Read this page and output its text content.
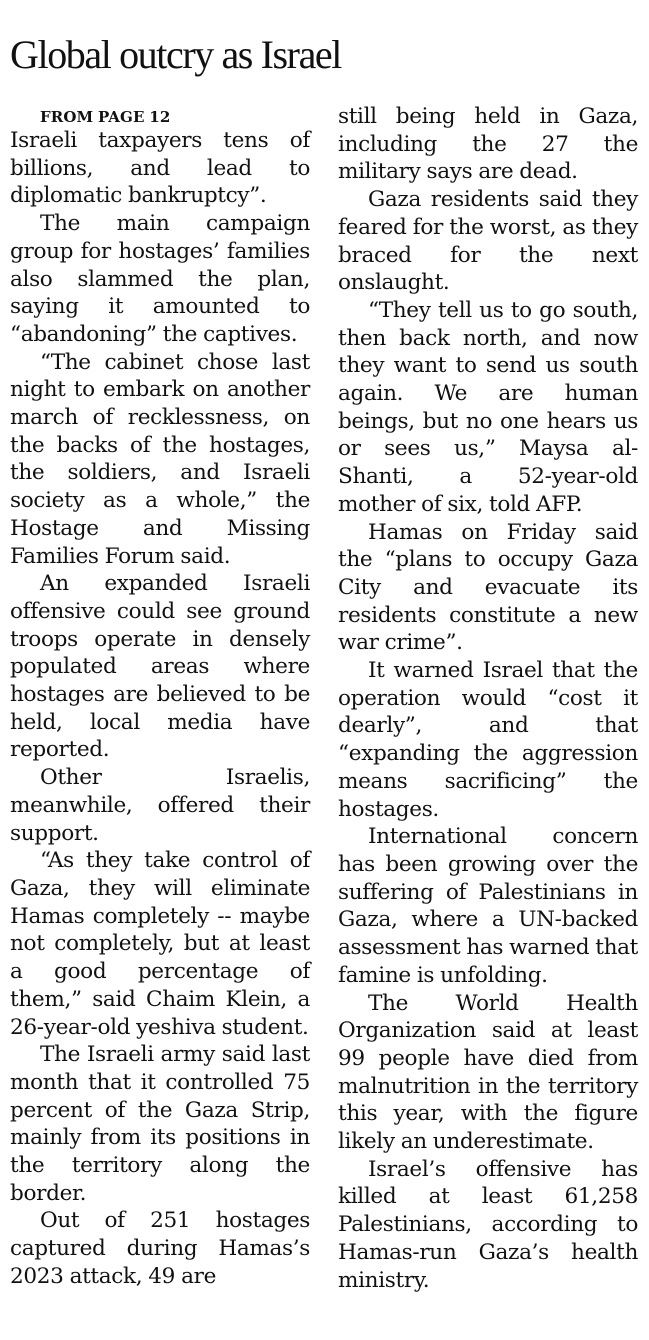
Global outcry as Israel

FROM PAGE 12

Israeli taxpayers tens of billions, and lead to diplomatic bankruptcy”.

The main campaign group for hostages’ families also slammed the plan, saying it amounted to “abandoning” the captives.

“The cabinet chose last night to embark on another march of recklessness, on the backs of the hostages, the soldiers, and Israeli society as a whole,” the Hostage and Missing Families Forum said.

An expanded Israeli offensive could see ground troops operate in densely populated areas where hostages are believed to be held, local media have reported.

Other Israelis, meanwhile, offered their support.

“As they take control of Gaza, they will eliminate Hamas completely -- maybe not completely, but at least a good percentage of them,” said Chaim Klein, a 26-year-old yeshiva student.

The Israeli army said last month that it controlled 75 percent of the Gaza Strip, mainly from its positions in the territory along the border.

Out of 251 hostages captured during Hamas’s 2023 attack, 49 are

still being held in Gaza, including the 27 the military says are dead.

Gaza residents said they feared for the worst, as they braced for the next onslaught.

“They tell us to go south, then back north, and now they want to send us south again. We are human beings, but no one hears us or sees us,” Maysa al-Shanti, a 52-year-old mother of six, told AFP.

Hamas on Friday said the “plans to occupy Gaza City and evacuate its residents constitute a new war crime”.

It warned Israel that the operation would “cost it dearly”, and that “expanding the aggression means sacrificing” the hostages.

International concern has been growing over the suffering of Palestinians in Gaza, where a UN-backed assessment has warned that famine is unfolding.

The World Health Organization said at least 99 people have died from malnutrition in the territory this year, with the figure likely an underestimate.

Israel’s offensive has killed at least 61,258 Palestinians, according to Hamas-run Gaza’s health ministry.
